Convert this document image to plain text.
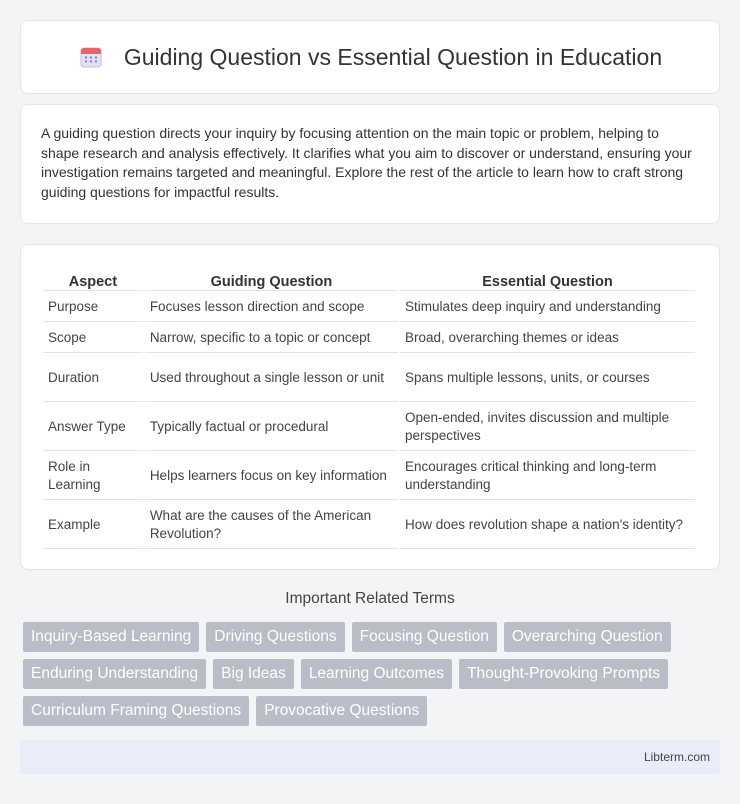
Guiding Question vs Essential Question in Education

A guiding question directs your inquiry by focusing attention on the main topic or problem, helping to shape research and analysis effectively. It clarifies what you aim to discover or understand, ensuring your investigation remains targeted and meaningful. Explore the rest of the article to learn how to craft strong guiding questions for impactful results.

Aspect	Guiding Question	Essential Question
Purpose	Focuses lesson direction and scope	Stimulates deep inquiry and understanding
Scope	Narrow, specific to a topic or concept	Broad, overarching themes or ideas
Duration	Used throughout a single lesson or unit	Spans multiple lessons, units, or courses
Answer Type	Typically factual or procedural	Open-ended, invites discussion and multiple perspectives
Role in Learning	Helps learners focus on key information	Encourages critical thinking and long-term understanding
Example	What are the causes of the American Revolution?	How does revolution shape a nation's identity?
Important Related Terms
Inquiry-Based Learning	Driving Questions	Focusing Question	Overarching Question
Enduring Understanding	Big Ideas	Learning Outcomes	Thought-Provoking Prompts
Curriculum Framing Questions	Provocative Questions
Libterm.com
